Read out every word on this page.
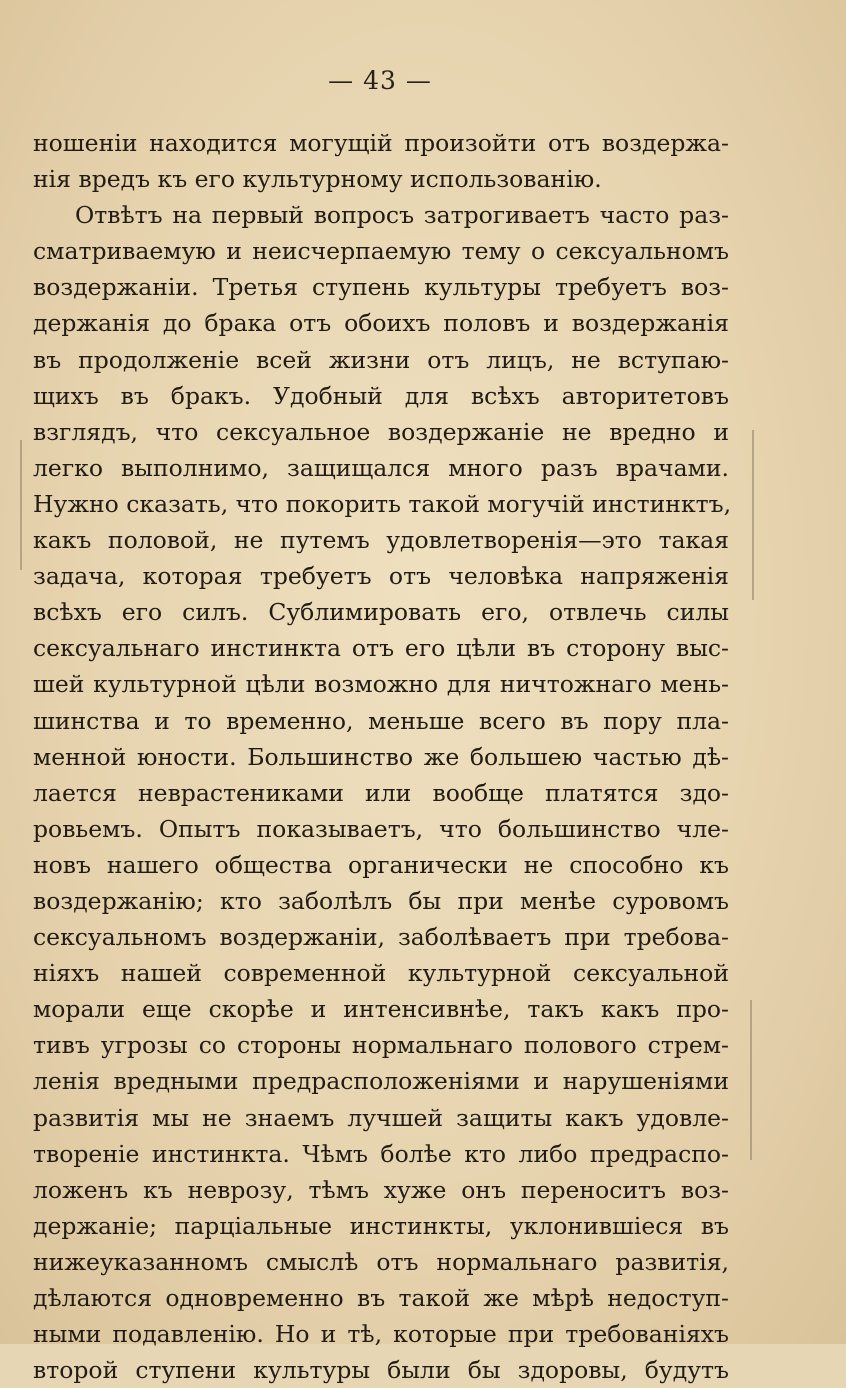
— 43 —
ношеніи находится могущій произойти отъ воздержа-
нія вредъ къ его культурному использованію.
Отвѣтъ на первый вопросъ затрогиваетъ часто раз-
сматриваемую и неисчерпаемую тему о сексуальномъ
воздержаніи. Третья ступень культуры требуетъ воз-
держанія до брака отъ обоихъ половъ и воздержанія
въ продолженіе всей жизни отъ лицъ, не вступаю-
щихъ въ бракъ. Удобный для всѣхъ авторитетовъ
взглядъ, что сексуальное воздержаніе не вредно и
легко выполнимо, защищался много разъ врачами.
Нужно сказать, что покорить такой могучій инстинктъ,
какъ половой, не путемъ удовлетворенія—это такая
задача, которая требуетъ отъ человѣка напряженія
всѣхъ его силъ. Сублимировать его, отвлечь силы
сексуальнаго инстинкта отъ его цѣли въ сторону выс-
шей культурной цѣли возможно для ничтожнаго мень-
шинства и то временно, меньше всего въ пору пла-
менной юности. Большинство же большею частью дѣ-
лается неврастениками или вообще платятся здо-
ровьемъ. Опытъ показываетъ, что большинство чле-
новъ нашего общества органически не способно къ
воздержанію; кто заболѣлъ бы при менѣе суровомъ
сексуальномъ воздержаніи, заболѣваетъ при требова-
ніяхъ нашей современной культурной сексуальной
морали еще скорѣе и интенсивнѣе, такъ какъ про-
тивъ угрозы со стороны нормальнаго полового стрем-
ленія вредными предрасположеніями и нарушеніями
развитія мы не знаемъ лучшей защиты какъ удовле-
твореніе инстинкта. Чѣмъ болѣе кто либо предраспо-
ложенъ къ неврозу, тѣмъ хуже онъ переноситъ воз-
держаніе; парціальные инстинкты, уклонившіеся въ
нижеуказанномъ смыслѣ отъ нормальнаго развитія,
дѣлаются одновременно въ такой же мѣрѣ недоступ-
ными подавленію. Но и тѣ, которые при требованіяхъ
второй ступени культуры были бы здоровы, будутъ
